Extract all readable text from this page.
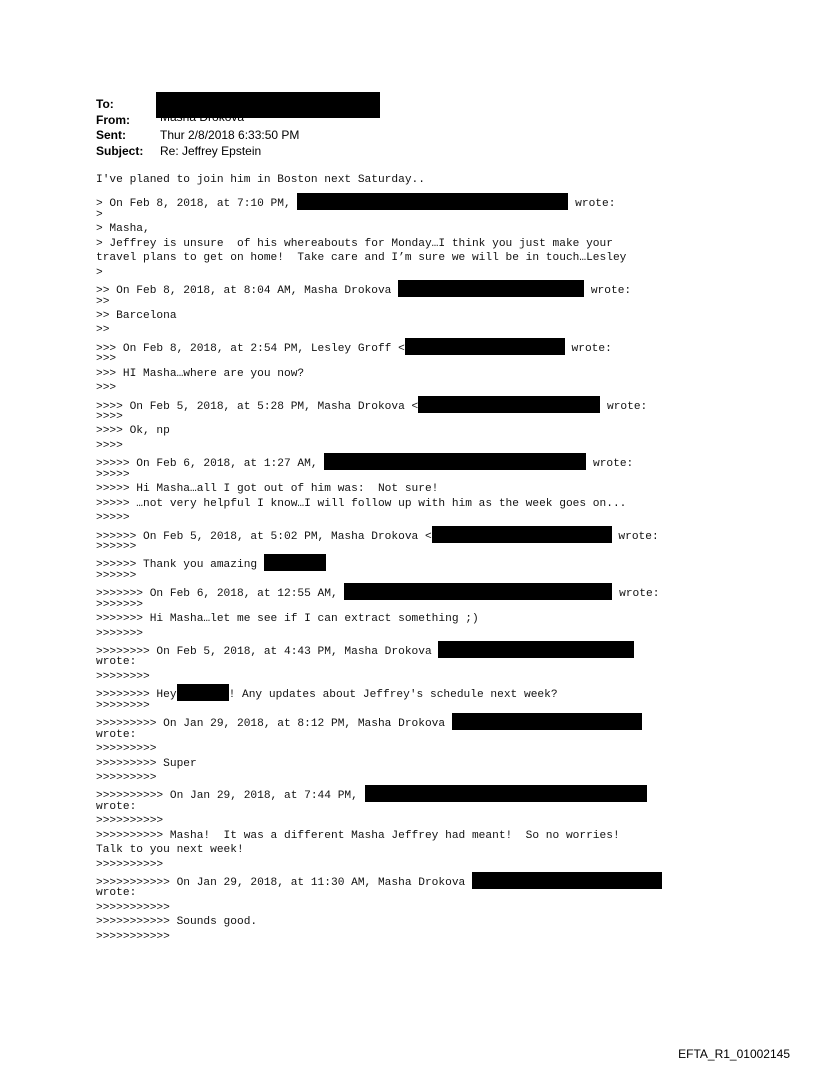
To:
From:	Masha Drokova
Sent:	Thur 2/8/2018 6:33:50 PM
Subject: Re: Jeffrey Epstein
I've planed to join him in Boston next Saturday..
> On Feb 8, 2018, at 7:10 PM,	wrote:
>
> Masha,
> Jeffrey is unsure  of his whereabouts for Monday…I think you just make your
travel plans to get on home!  Take care and I’m sure we will be in touch…Lesley
>
>> On Feb 8, 2018, at 8:04 AM, Masha Drokova	wrote:
>>
>> Barcelona
>>
>>> On Feb 8, 2018, at 2:54 PM, Lesley Groff <	wrote:
>>>
>>> HI Masha…where are you now?
>>>
>>>> On Feb 5, 2018, at 5:28 PM, Masha Drokova <	wrote:
>>>>
>>>> Ok, np
>>>>
>>>>> On Feb 6, 2018, at 1:27 AM,	wrote:
>>>>>
>>>>> Hi Masha…all I got out of him was:  Not sure!
>>>>> …not very helpful I know…I will follow up with him as the week goes on...
>>>>>
>>>>>> On Feb 5, 2018, at 5:02 PM, Masha Drokova <	wrote:
>>>>>>
>>>>>> Thank you amazing
>>>>>>
>>>>>>> On Feb 6, 2018, at 12:55 AM,	wrote:
>>>>>>>
>>>>>>> Hi Masha…let me see if I can extract something ;)
>>>>>>>
>>>>>>>> On Feb 5, 2018, at 4:43 PM, Masha Drokova
wrote:
>>>>>>>>
>>>>>>>> Hey	! Any updates about Jeffrey's schedule next week?
>>>>>>>>
>>>>>>>>> On Jan 29, 2018, at 8:12 PM, Masha Drokova
wrote:
>>>>>>>>>
>>>>>>>>> Super
>>>>>>>>>
>>>>>>>>>> On Jan 29, 2018, at 7:44 PM,
wrote:
>>>>>>>>>>
>>>>>>>>>> Masha!  It was a different Masha Jeffrey had meant!  So no worries!
Talk to you next week!
>>>>>>>>>>
>>>>>>>>>>> On Jan 29, 2018, at 11:30 AM, Masha Drokova
wrote:
>>>>>>>>>>>
>>>>>>>>>>> Sounds good.
>>>>>>>>>>>
EFTA_R1_01002145
